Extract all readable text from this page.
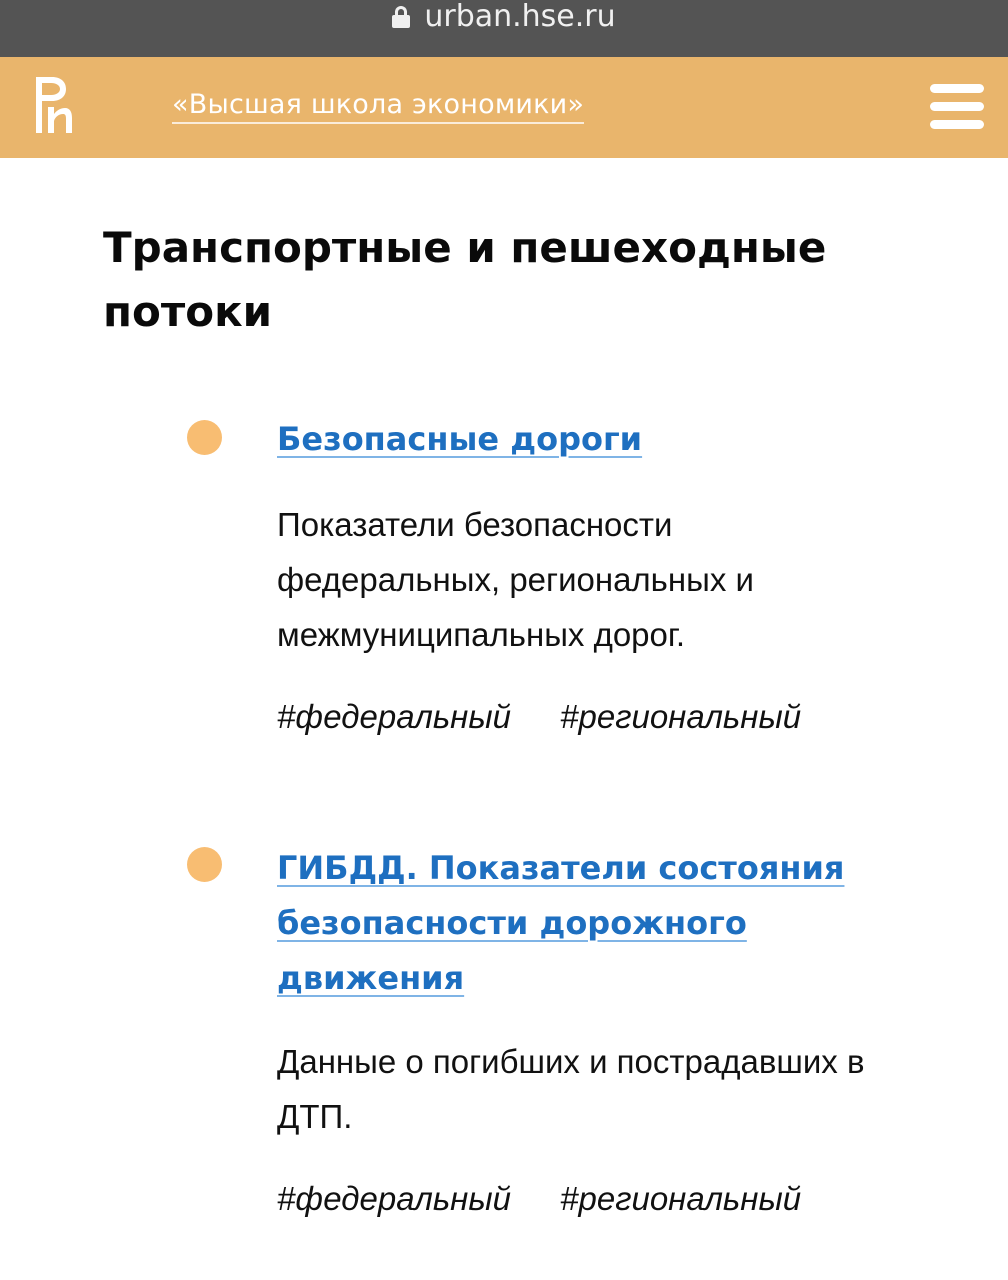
urban.hse.ru
«Высшая школа экономики»
Транспортные и пешеходные потоки
Безопасные дороги
Показатели безопасности федеральных, региональных и межмуниципальных дорог.
#федеральный #региональный
ГИБДД. Показатели состояния безопасности дорожного движения
Данные о погибших и пострадавших в ДТП.
#федеральный #региональный
